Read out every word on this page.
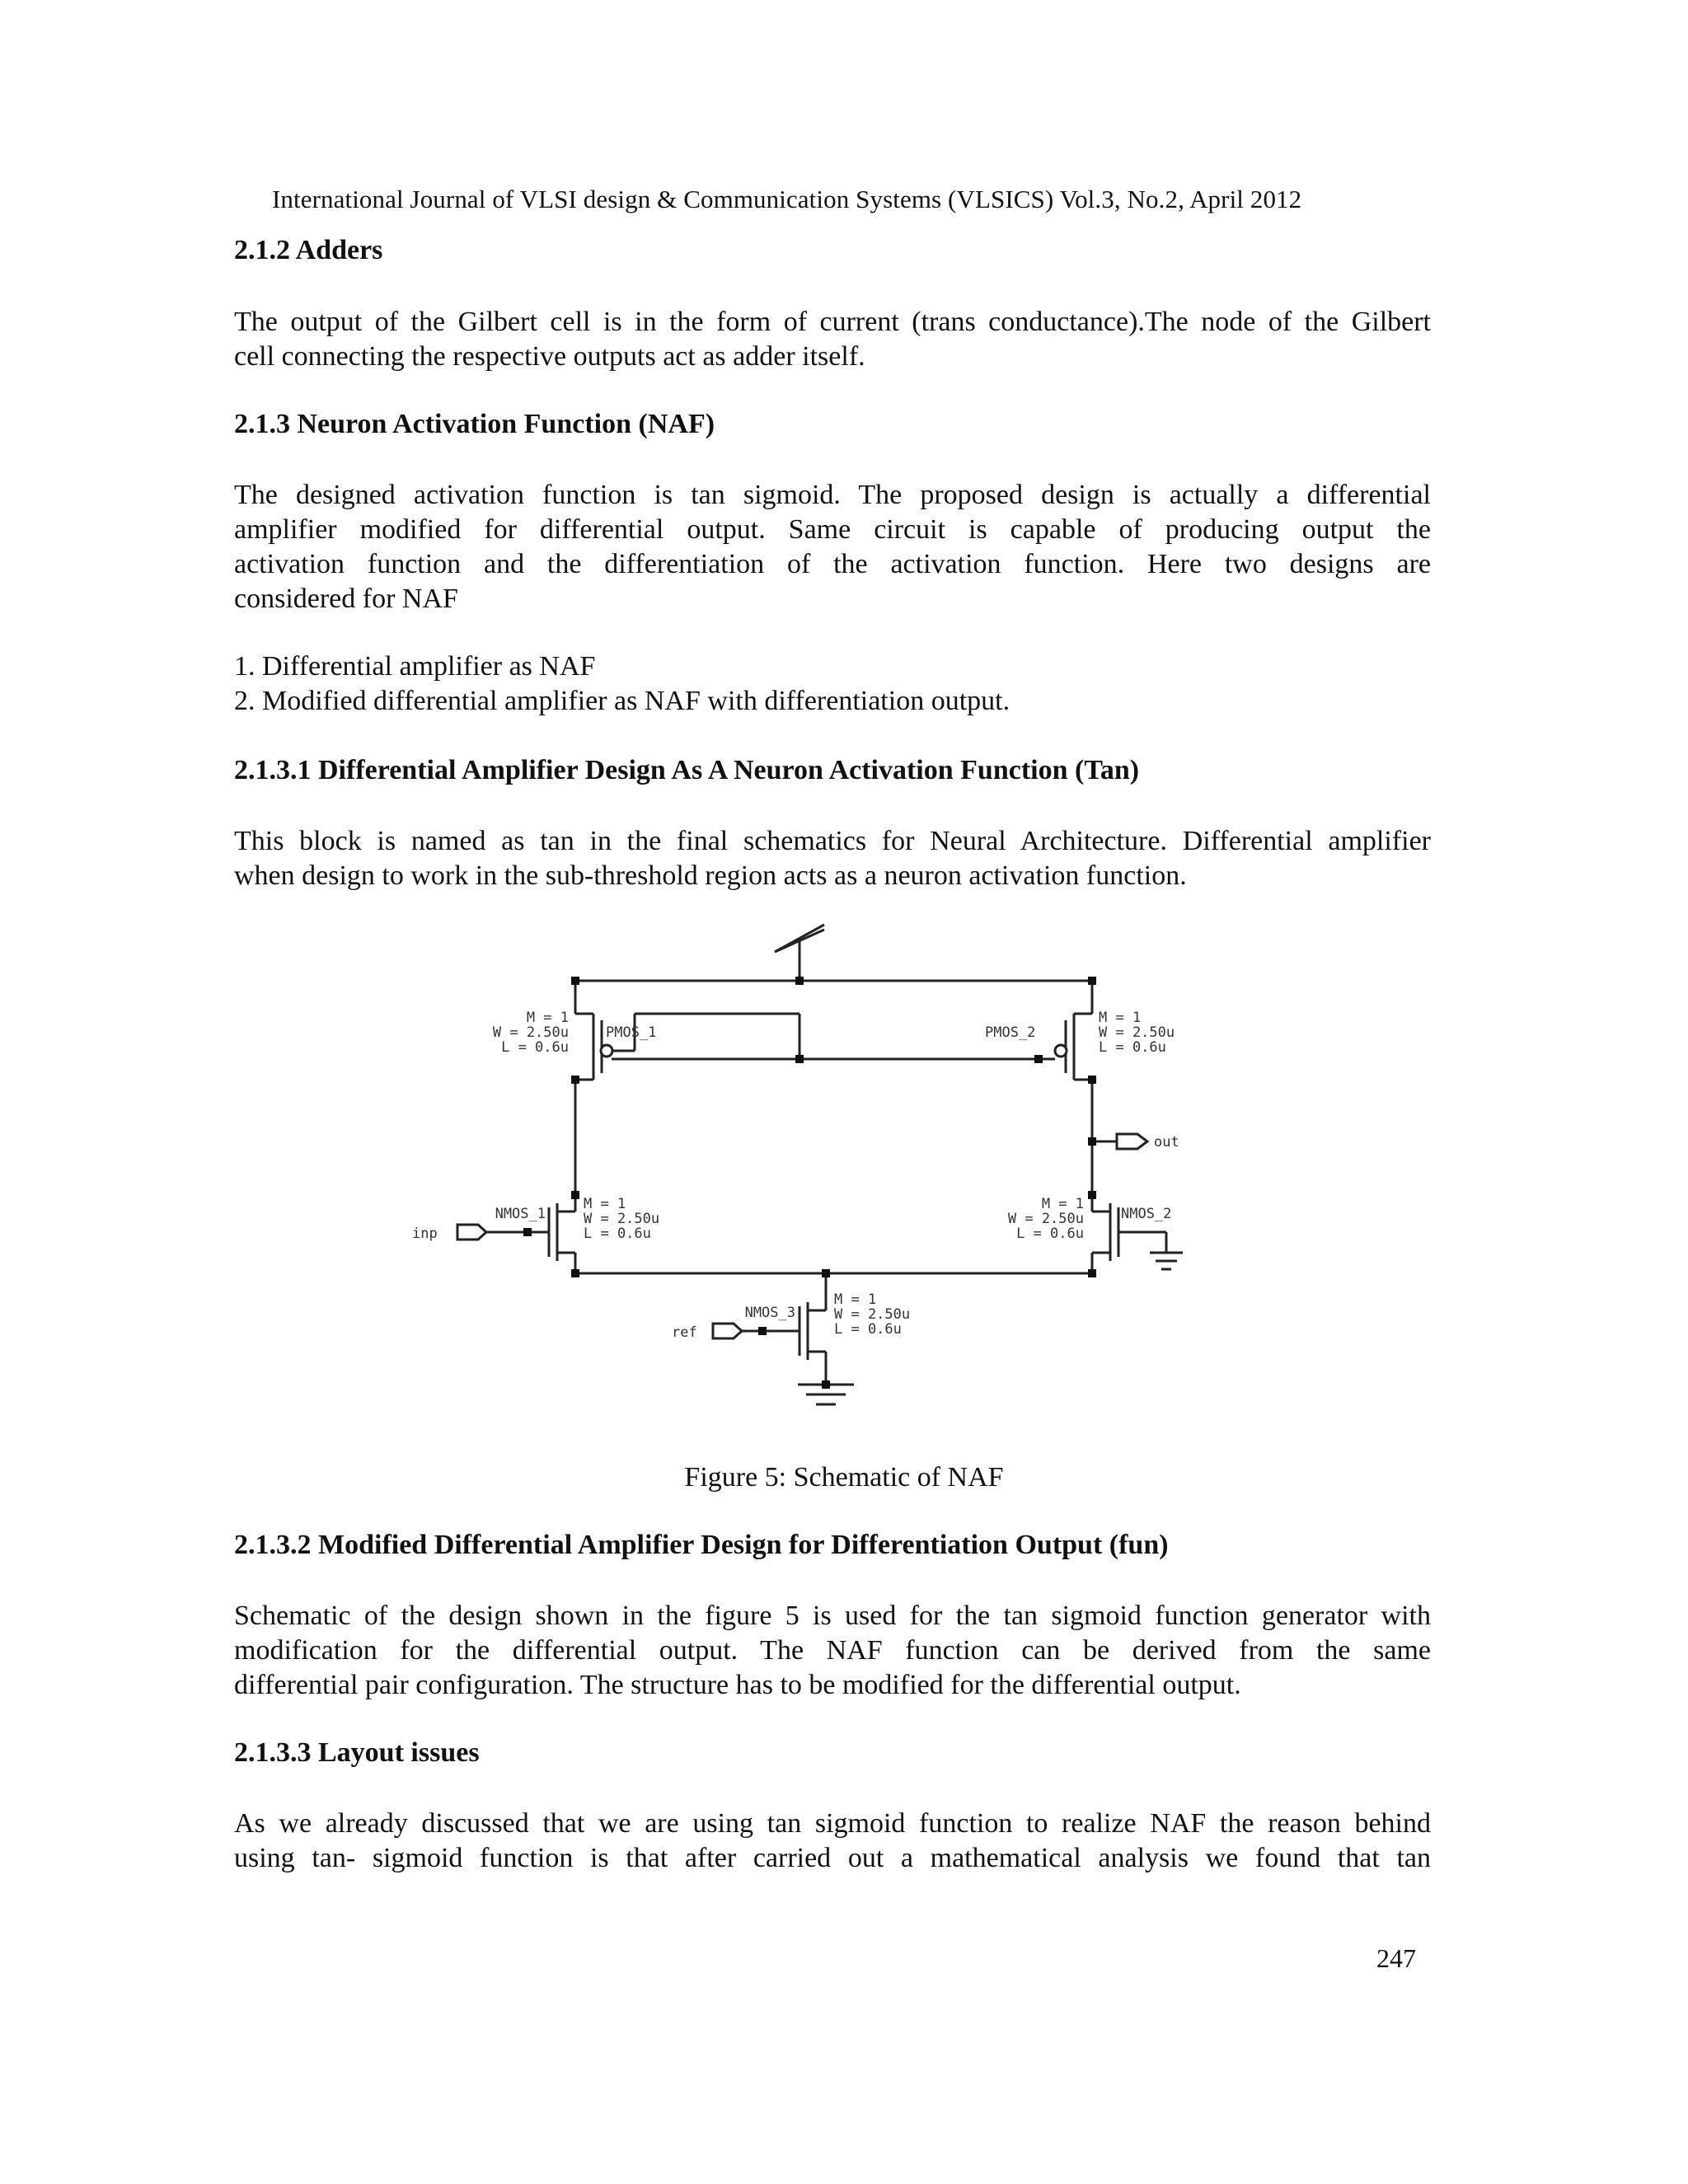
International Journal of VLSI design & Communication Systems (VLSICS) Vol.3, No.2, April 2012
2.1.2 Adders
The output of the Gilbert cell is in the form of current (trans conductance).The node of the Gilbert
cell connecting the respective outputs act as adder itself.
2.1.3 Neuron Activation Function (NAF)
The designed activation function is tan sigmoid. The proposed design is actually a differential
amplifier modified for differential output. Same circuit is capable of producing output the
activation function and the differentiation of the activation function. Here two designs are
considered for NAF
1. Differential amplifier as NAF
2. Modified differential amplifier as NAF with differentiation output.
2.1.3.1 Differential Amplifier Design As A Neuron Activation Function (Tan)
This block is named as tan in the final schematics for Neural Architecture. Differential amplifier
when design to work in the sub-threshold region acts as a neuron activation function.
M = 1
W = 2.50u
L = 0.6u
PMOS_1	PMOS_2
M = 1
W = 2.50u
L = 0.6u
out
NMOS_1
M = 1
W = 2.50u
L = 0.6u
inp
M = 1
W = 2.50u
L = 0.6u
NMOS_2
NMOS_3
M = 1
W = 2.50u
L = 0.6u
ref
Figure 5: Schematic of NAF
2.1.3.2 Modified Differential Amplifier Design for Differentiation Output (fun)
Schematic of the design shown in the figure 5 is used for the tan sigmoid function generator with
modification for the differential output. The NAF function can be derived from the same
differential pair configuration. The structure has to be modified for the differential output.
2.1.3.3 Layout issues
As we already discussed that we are using tan sigmoid function to realize NAF the reason behind
using tan- sigmoid function is that after carried out a mathematical analysis we found that tan
247
